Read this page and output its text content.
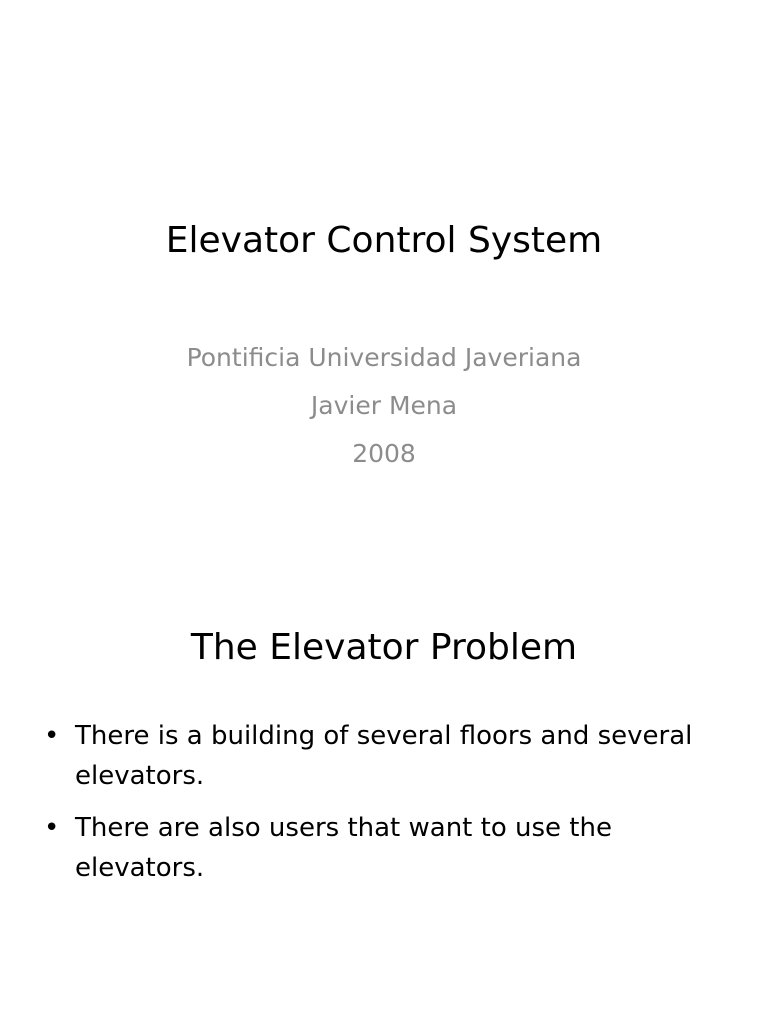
Elevator Control System
Pontificia Universidad Javeriana
Javier Mena
2008
The Elevator Problem
• There is a building of several floors and several elevators.
• There are also users that want to use the elevators.
